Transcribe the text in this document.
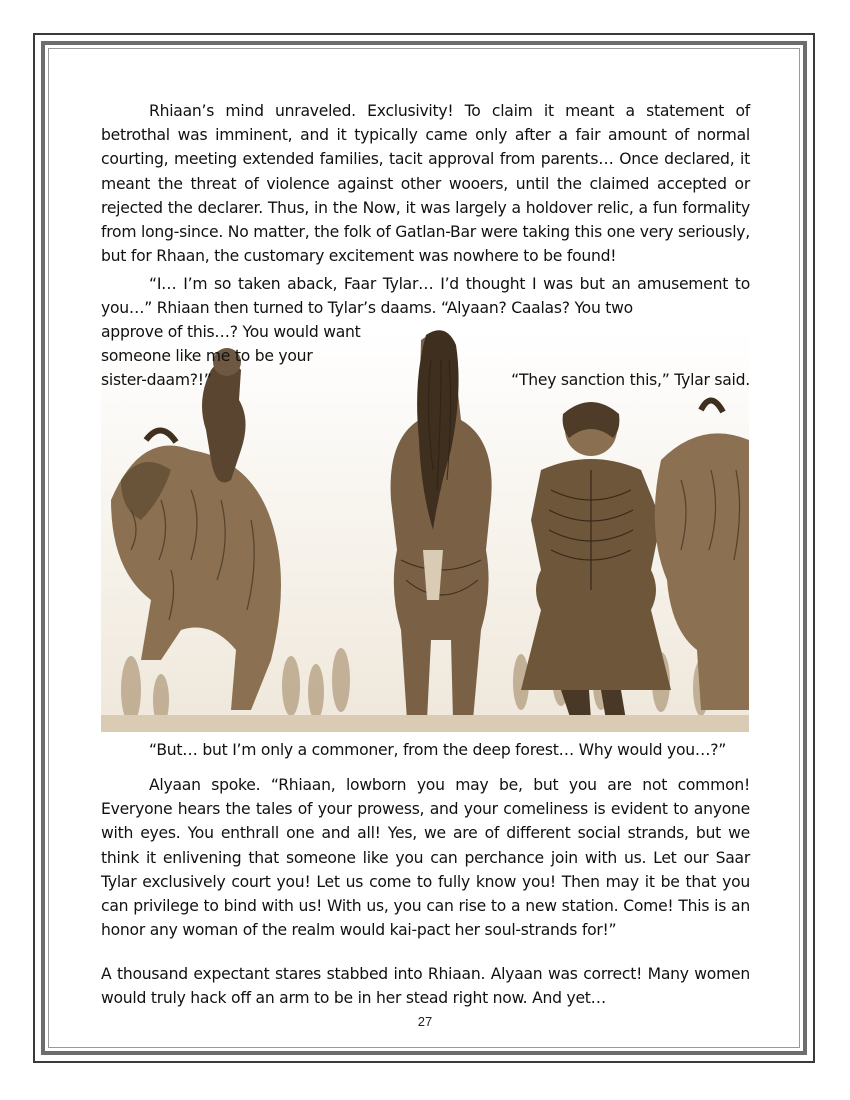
Rhiaan’s mind unraveled. Exclusivity! To claim it meant a statement of betrothal was imminent, and it typically came only after a fair amount of normal courting, meeting extended families, tacit approval from parents… Once declared, it meant the threat of violence against other wooers, until the claimed accepted or rejected the declarer. Thus, in the Now, it was largely a holdover relic, a fun formality from long-since. No matter, the folk of Gatlan-Bar were taking this one very seriously, but for Rhaan, the customary excitement was nowhere to be found!

“I… I’m so taken aback, Faar Tylar… I’d thought I was but an amusement to you…” Rhiaan then turned to Tylar’s daams. “Alyaan? Caalas? You two

approve of this…? You would want
someone like me to be your
sister-daam?!”	“They sanction this,” Tylar said.

“But… but I’m only a commoner, from the deep forest… Why would you…?”

Alyaan spoke. “Rhiaan, lowborn you may be, but you are not common! Everyone hears the tales of your prowess, and your comeliness is evident to anyone with eyes. You enthrall one and all! Yes, we are of different social strands, but we think it enlivening that someone like you can perchance join with us. Let our Saar Tylar exclusively court you! Let us come to fully know you! Then may it be that you can privilege to bind with us! With us, you can rise to a new station. Come! This is an honor any woman of the realm would kai-pact her soul-strands for!”

A thousand expectant stares stabbed into Rhiaan. Alyaan was correct! Many women would truly hack off an arm to be in her stead right now. And yet…

27
